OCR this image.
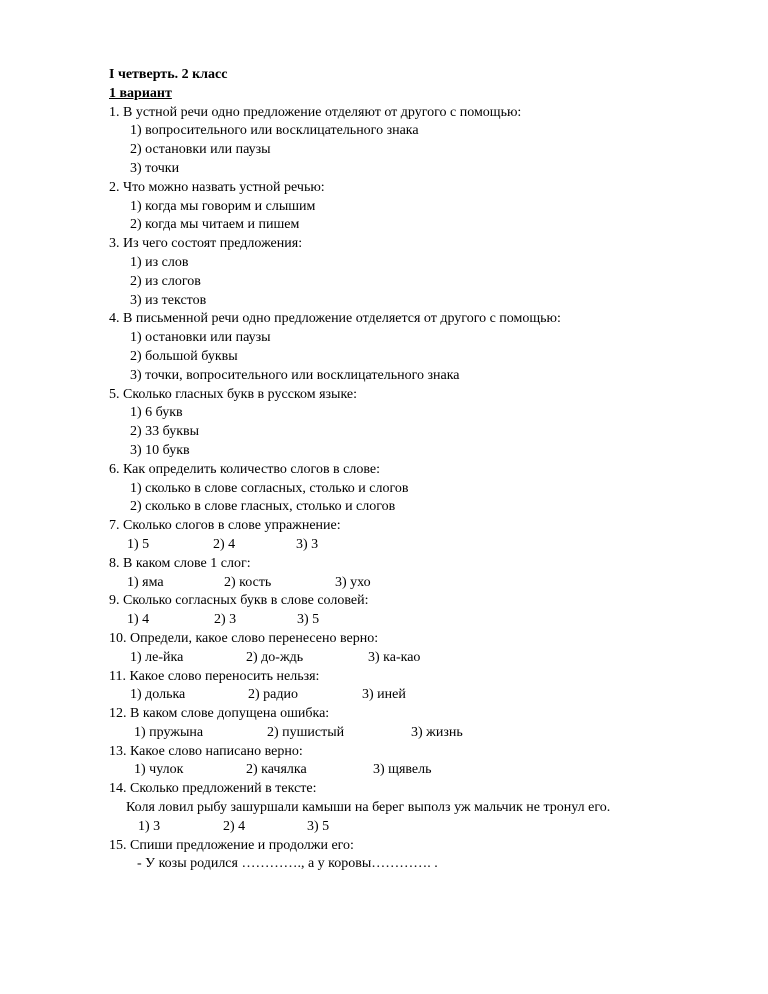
I четверть. 2 класс
1 вариант
1. В устной речи одно предложение отделяют от другого с помощью:
1) вопросительного или восклицательного знака
2) остановки или паузы
3) точки
2. Что можно назвать устной речью:
1) когда мы говорим и слышим
2) когда мы читаем и пишем
3. Из чего состоят предложения:
1) из слов
2) из слогов
3) из текстов
4. В письменной речи одно предложение отделяется от другого с помощью:
1) остановки или паузы
2) большой буквы
3) точки, вопросительного или восклицательного знака
5. Сколько гласных букв в русском языке:
1) 6 букв
2) 33 буквы
3) 10 букв
6. Как определить количество слогов в слове:
1) сколько в слове согласных, столько и слогов
2) сколько в слове гласных, столько и слогов
7. Сколько слогов в слове упражнение:
1) 5	2) 4	3) 3
8. В каком слове 1 слог:
1) яма	2) кость	3) ухо
9. Сколько согласных букв в слове соловей:
1) 4	2) 3	3) 5
10. Определи, какое слово перенесено верно:
1) ле-йка	2) до-ждь	3) ка-као
11. Какое слово переносить нельзя:
1) долька	2) радио	3) иней
12. В каком слове допущена ошибка:
1) пружына	2) пушистый	3) жизнь
13. Какое слово написано верно:
1) чулок	2) качялка	3) щявель
14. Сколько предложений в тексте:
Коля ловил рыбу зашуршали камыши на берег выполз уж мальчик не тронул его.
1) 3	2) 4	3) 5
15. Спиши предложение и продолжи его:
- У козы родился …………., а у коровы…………. .
